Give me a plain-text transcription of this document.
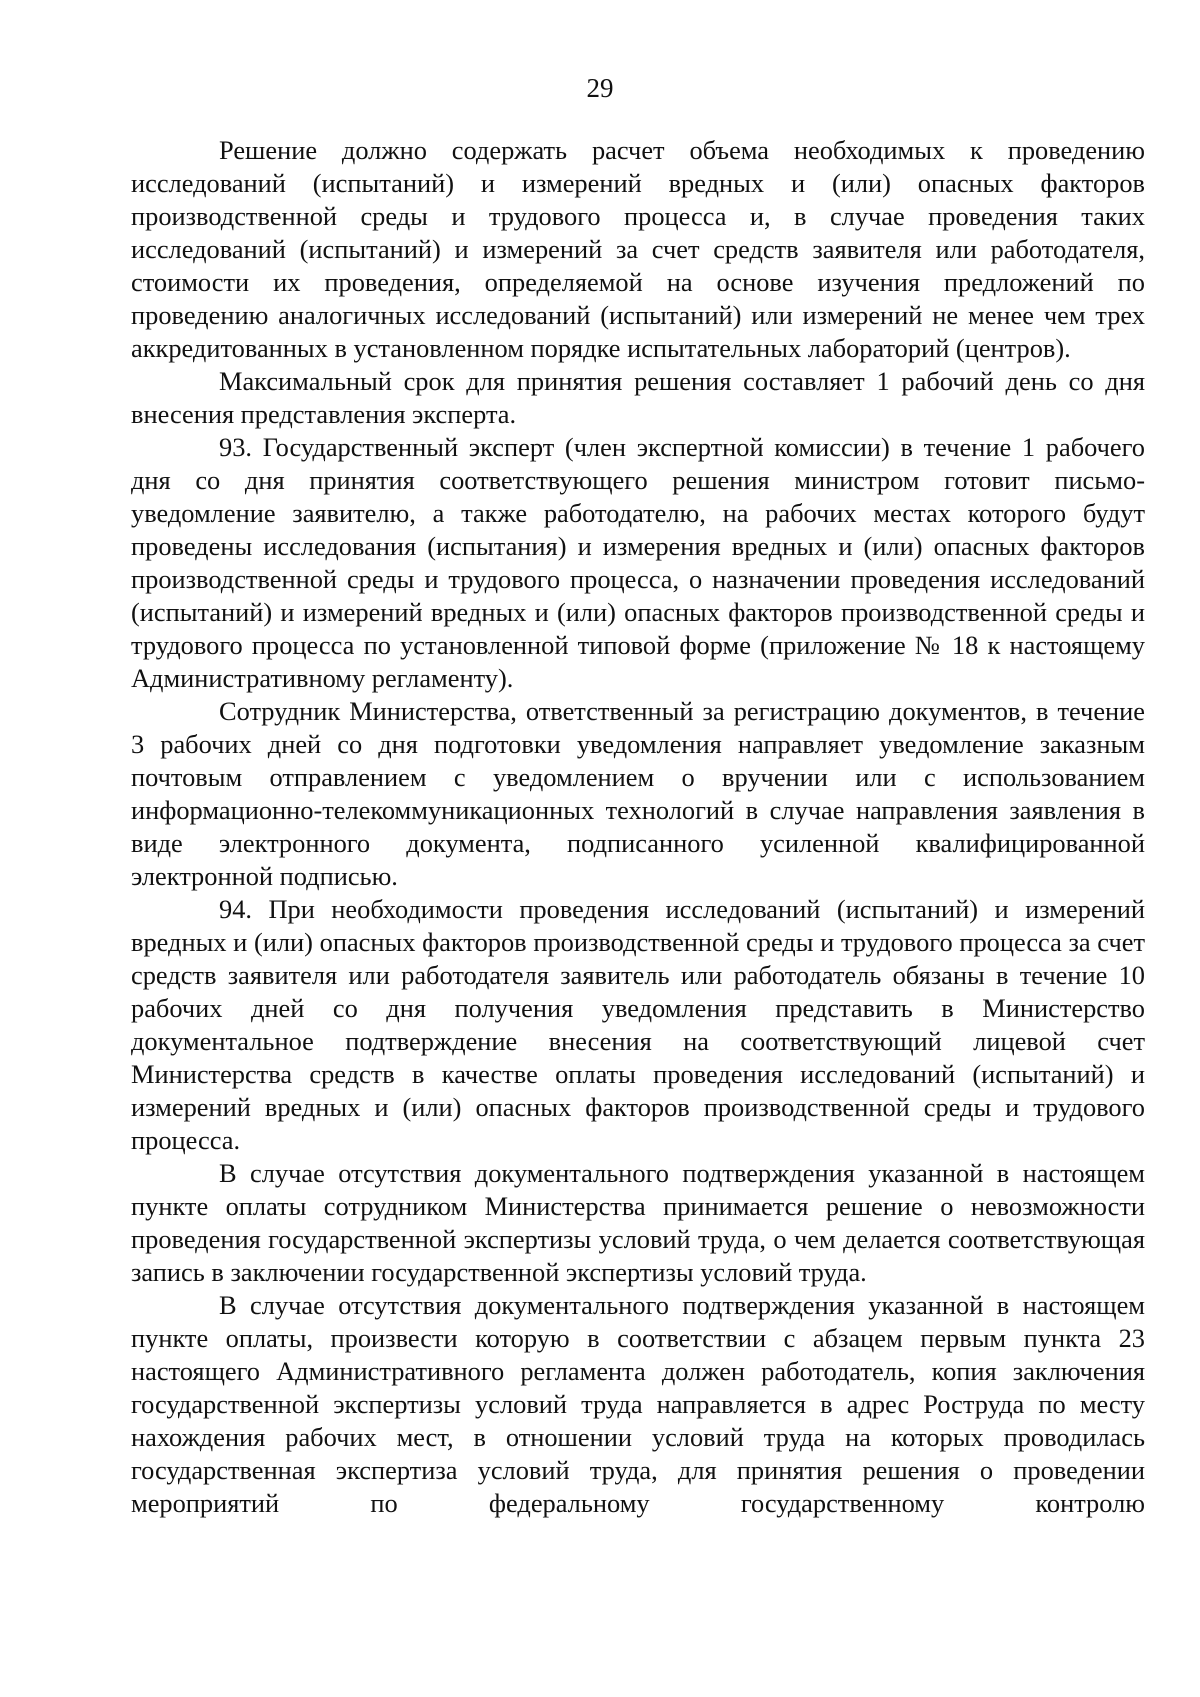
29

Решение должно содержать расчет объема необходимых к проведению исследований (испытаний) и измерений вредных и (или) опасных факторов производственной среды и трудового процесса и, в случае проведения таких исследований (испытаний) и измерений за счет средств заявителя или работодателя, стоимости их проведения, определяемой на основе изучения предложений по проведению аналогичных исследований (испытаний) или измерений не менее чем трех аккредитованных в установленном порядке испытательных лабораторий (центров).

Максимальный срок для принятия решения составляет 1 рабочий день со дня внесения представления эксперта.

93. Государственный эксперт (член экспертной комиссии) в течение 1 рабочего дня со дня принятия соответствующего решения министром готовит письмо-уведомление заявителю, а также работодателю, на рабочих местах которого будут проведены исследования (испытания) и измерения вредных и (или) опасных факторов производственной среды и трудового процесса, о назначении проведения исследований (испытаний) и измерений вредных и (или) опасных факторов производственной среды и трудового процесса по установленной типовой форме (приложение № 18 к настоящему Административному регламенту).

Сотрудник Министерства, ответственный за регистрацию документов, в течение 3 рабочих дней со дня подготовки уведомления направляет уведомление заказным почтовым отправлением с уведомлением о вручении или с использованием информационно-телекоммуникационных технологий в случае направления заявления в виде электронного документа, подписанного усиленной квалифицированной электронной подписью.

94. При необходимости проведения исследований (испытаний) и измерений вредных и (или) опасных факторов производственной среды и трудового процесса за счет средств заявителя или работодателя заявитель или работодатель обязаны в течение 10 рабочих дней со дня получения уведомления представить в Министерство документальное подтверждение внесения на соответствующий лицевой счет Министерства средств в качестве оплаты проведения исследований (испытаний) и измерений вредных и (или) опасных факторов производственной среды и трудового процесса.

В случае отсутствия документального подтверждения указанной в настоящем пункте оплаты сотрудником Министерства принимается решение о невозможности проведения государственной экспертизы условий труда, о чем делается соответствующая запись в заключении государственной экспертизы условий труда.

В случае отсутствия документального подтверждения указанной в настоящем пункте оплаты, произвести которую в соответствии с абзацем первым пункта 23 настоящего Административного регламента должен работодатель, копия заключения государственной экспертизы условий труда направляется в адрес Роструда по месту нахождения рабочих мест, в отношении условий труда на которых проводилась государственная экспертиза условий труда, для принятия решения о проведении мероприятий по федеральному государственному контролю
